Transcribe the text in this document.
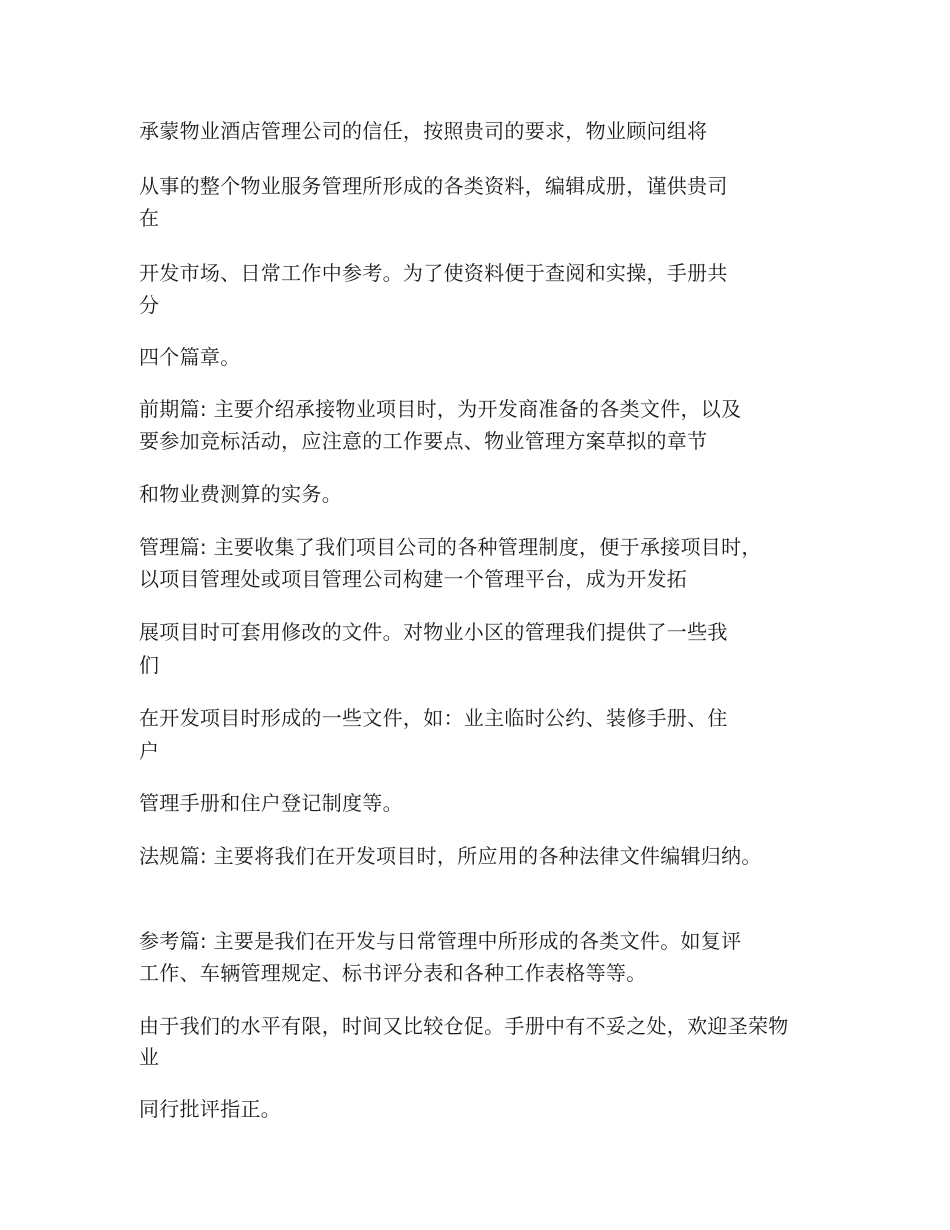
承蒙物业酒店管理公司的信任，按照贵司的要求，物业顾问组将
从事的整个物业服务管理所形成的各类资料，编辑成册，谨供贵司
在
开发市场、日常工作中参考。为了使资料便于查阅和实操，手册共
分
四个篇章。
前期篇: 主要介绍承接物业项目时，为开发商准备的各类文件，以及
要参加竞标活动，应注意的工作要点、物业管理方案草拟的章节
和物业费测算的实务。
管理篇: 主要收集了我们项目公司的各种管理制度，便于承接项目时，
以项目管理处或项目管理公司构建一个管理平台，成为开发拓
展项目时可套用修改的文件。对物业小区的管理我们提供了一些我
们
在开发项目时形成的一些文件，如：业主临时公约、装修手册、住
户
管理手册和住户登记制度等。
法规篇: 主要将我们在开发项目时，所应用的各种法律文件编辑归纳。
参考篇: 主要是我们在开发与日常管理中所形成的各类文件。如复评
工作、车辆管理规定、标书评分表和各种工作表格等等。
由于我们的水平有限，时间又比较仓促。手册中有不妥之处，欢迎圣荣物
业
同行批评指正。
